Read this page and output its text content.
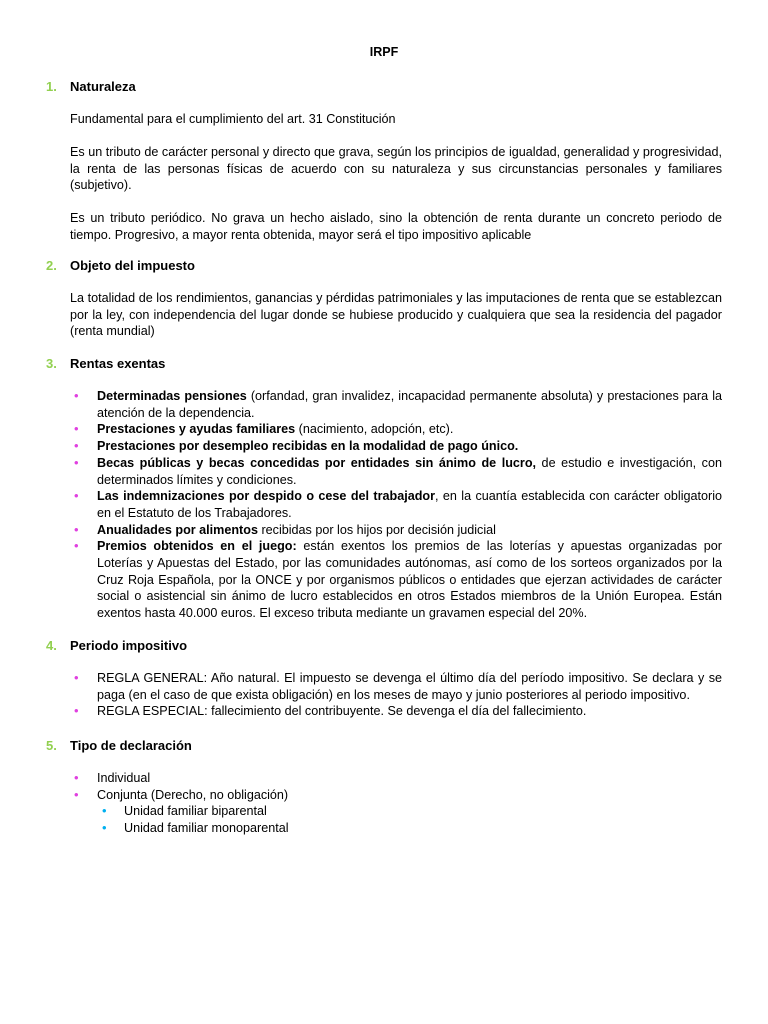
IRPF
1. Naturaleza
Fundamental para el cumplimiento del art. 31 Constitución
Es un tributo de carácter personal y directo que grava, según los principios de igualdad, generalidad y progresividad, la renta de las personas físicas de acuerdo con su naturaleza y sus circunstancias personales y familiares (subjetivo).
Es un tributo periódico. No grava un hecho aislado, sino la obtención de renta durante un concreto periodo de tiempo. Progresivo, a mayor renta obtenida, mayor será el tipo impositivo aplicable
2. Objeto del impuesto
La totalidad de los rendimientos, ganancias y pérdidas patrimoniales y las imputaciones de renta que se establezcan por la ley, con independencia del lugar donde se hubiese producido y cualquiera que sea la residencia del pagador (renta mundial)
3. Rentas exentas
• Determinadas pensiones (orfandad, gran invalidez, incapacidad permanente absoluta) y prestaciones para la atención de la dependencia.
• Prestaciones y ayudas familiares (nacimiento, adopción, etc).
• Prestaciones por desempleo recibidas en la modalidad de pago único.
• Becas públicas y becas concedidas por entidades sin ánimo de lucro, de estudio e investigación, con determinados límites y condiciones.
• Las indemnizaciones por despido o cese del trabajador, en la cuantía establecida con carácter obligatorio en el Estatuto de los Trabajadores.
• Anualidades por alimentos recibidas por los hijos por decisión judicial
• Premios obtenidos en el juego: están exentos los premios de las loterías y apuestas organizadas por Loterías y Apuestas del Estado, por las comunidades autónomas, así como de los sorteos organizados por la Cruz Roja Española, por la ONCE y por organismos públicos o entidades que ejerzan actividades de carácter social o asistencial sin ánimo de lucro establecidos en otros Estados miembros de la Unión Europea. Están exentos hasta 40.000 euros. El exceso tributa mediante un gravamen especial del 20%.
4. Periodo impositivo
• REGLA GENERAL: Año natural. El impuesto se devenga el último día del período impositivo. Se declara y se paga (en el caso de que exista obligación) en los meses de mayo y junio posteriores al periodo impositivo.
• REGLA ESPECIAL: fallecimiento del contribuyente. Se devenga el día del fallecimiento.
5. Tipo de declaración
• Individual
• Conjunta (Derecho, no obligación)
• Unidad familiar biparental
• Unidad familiar monoparental
